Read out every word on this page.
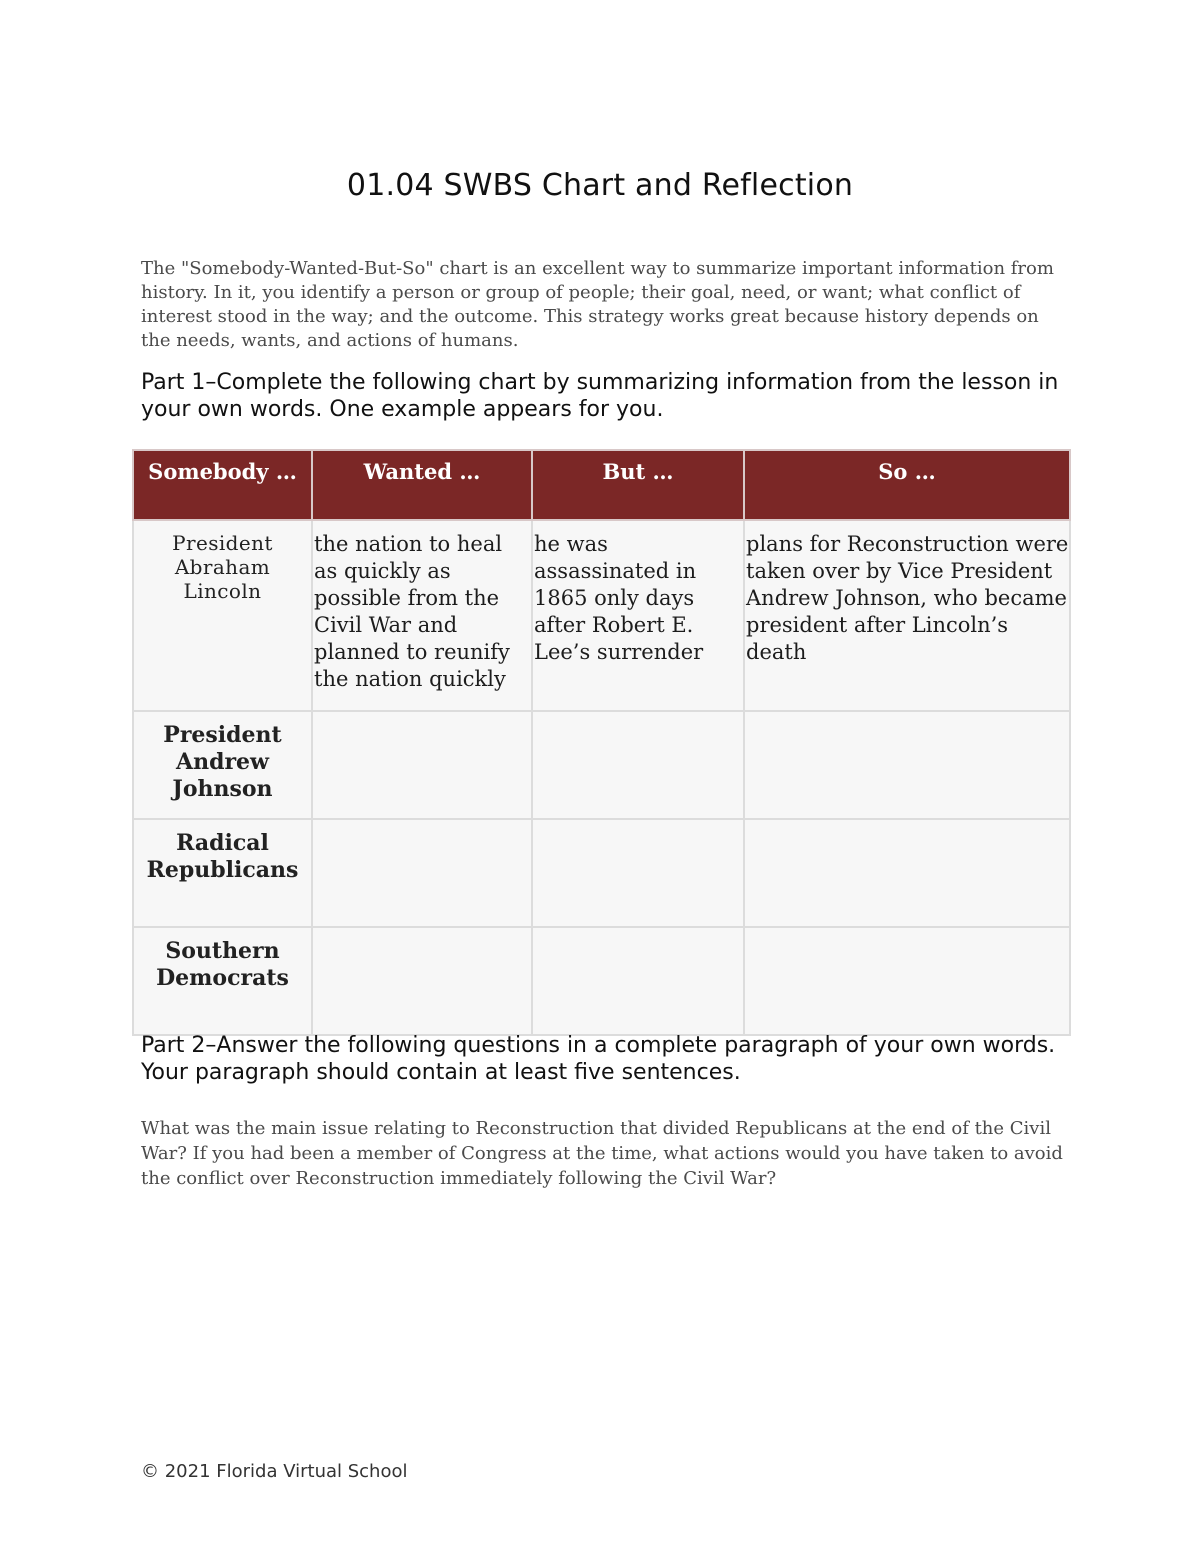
01.04 SWBS Chart and Reflection
The "Somebody-Wanted-But-So" chart is an excellent way to summarize important information from history. In it, you identify a person or group of people; their goal, need, or want; what conflict of interest stood in the way; and the outcome. This strategy works great because history depends on the needs, wants, and actions of humans.
Part 1–Complete the following chart by summarizing information from the lesson in your own words. One example appears for you.
Somebody …	Wanted …	But …	So …
President Abraham Lincoln	the nation to heal as quickly as possible from the Civil War and planned to reunify the nation quickly	he was assassinated in 1865 only days after Robert E. Lee’s surrender	plans for Reconstruction were taken over by Vice President Andrew Johnson, who became president after Lincoln’s death
President Andrew Johnson			
Radical Republicans			
Southern Democrats			
Part 2–Answer the following questions in a complete paragraph of your own words. Your paragraph should contain at least five sentences.
What was the main issue relating to Reconstruction that divided Republicans at the end of the Civil War? If you had been a member of Congress at the time, what actions would you have taken to avoid the conflict over Reconstruction immediately following the Civil War?
© 2021 Florida Virtual School
